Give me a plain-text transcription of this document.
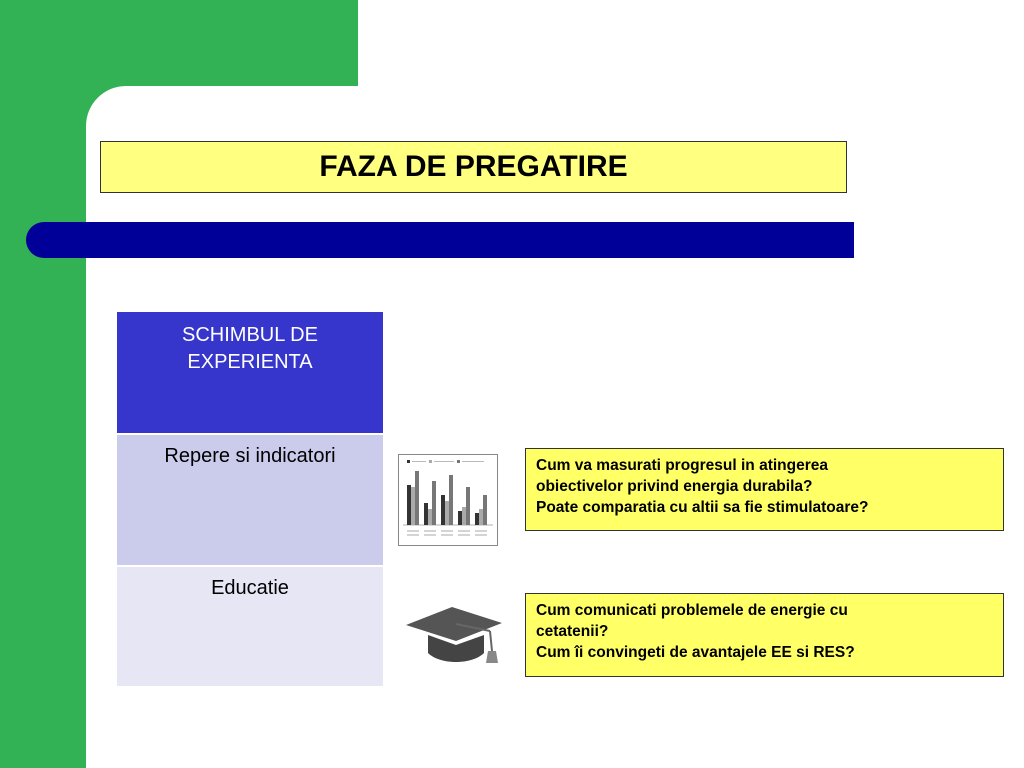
FAZA DE PREGATIRE
SCHIMBUL DE
EXPERIENTA
Repere si indicatori
Educatie
Cum va masurati progresul in atingerea
obiectivelor privind energia durabila?
Poate comparatia cu altii sa fie stimulatoare?
Cum comunicati problemele de energie cu
cetatenii?
Cum îi convingeti de avantajele EE si RES?
